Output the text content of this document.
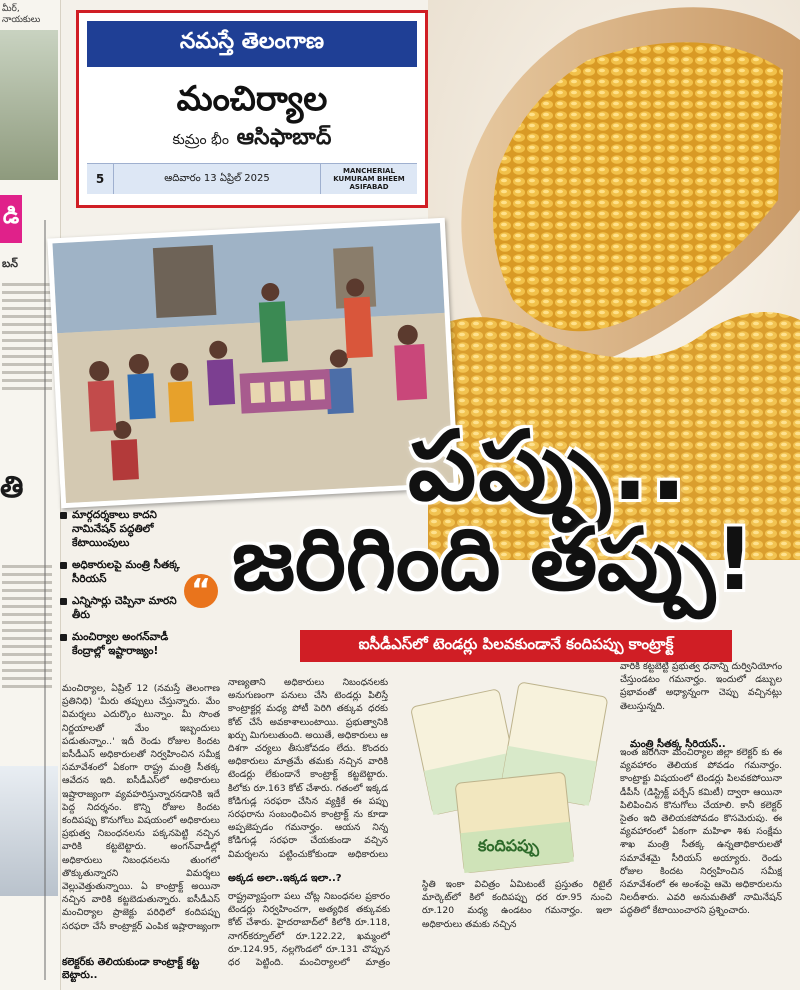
మీర్, నాయకులు
డి
బన్
తి
నమస్తే తెలంగాణ
మంచిర్యాల
కుమ్రం భీం ఆసిఫాబాద్
5	ఆదివారం 13 ఏప్రిల్ 2025
MANCHERIAL
KUMURAM BHEEM
ASIFABAD
పప్పు..
జరిగింది తప్పు!
“
ఐసీడీఎస్‌లో టెండర్లు పిలవకుండానే కందిపప్పు కాంట్రాక్ట్
మార్గదర్శకాలు కాదని నామినేషన్ పద్ధతిలో కేటాయింపులు
అధికారులపై మంత్రి సీతక్క సీరియస్
ఎన్నిసార్లు చెప్పినా మారని తీరు
మంచిర్యాల అంగన్‌వాడీ కేంద్రాల్లో ఇష్టారాజ్యం!
కందిపప్పు
మంచిర్యాల, ఏప్రిల్ 12 (నమస్తే తెలంగాణ ప్రతినిధి) 'మీరు తప్పులు చేస్తున్నారు. మేం విమర్శలు ఎదుర్కొం టున్నాం. మీ సొంత నిర్ణయాలతో మేం ఇబ్బందులు పడుతున్నాం..' ఇదీ రెండు రోజుల కిందట ఐసీడీఎస్ అధికారులతో నిర్వహించిన సమీక్ష సమావేశంలో ఏకంగా రాష్ట్ర మంత్రి సీతక్క ఆవేదన ఇది. ఐసీడీఎస్‌లో అధికారులు ఇష్టారాజ్యంగా వ్యవహరిస్తున్నారనడానికి ఇదే పెద్ద నిదర్శనం. కొన్ని రోజుల కిందట కందిపప్పు కొనుగోలు విషయంలో అధికారులు ప్రభుత్వ నిబంధనలను పక్కనపెట్టి నచ్చిన వారికి కట్టబెట్టారు. అంగన్‌వాడీల్లో అధికారులు నిబంధనలను తుంగలో తొక్కుతున్నారని విమర్శలు వెల్లువెత్తుతున్నాయి. ఏ కాంట్రాక్ట్ అయినా నచ్చిన వారికి కట్టబెడుతున్నారు. ఐసీడీఎస్ మంచిర్యాల ప్రాజెక్టు పరిధిలో కందిపప్పు సరఫరా చేసే కాంట్రాక్టర్ ఎంపిక ఇష్టారాజ్యంగా
కలెక్టర్‌కు తెలియకుండా కాంట్రాక్ట్ కట్ట బెట్టారు..
నాణ్యతాని అధికారులు నిబంధనలకు అనుగుణంగా పనులు చేసి టెండర్లు పిలిస్తే కాంట్రాక్టర్ల మధ్య పోటీ పెరిగి తక్కువ ధరకు కోట్ చేసే అవకాశాలుంటాయి. ప్రభుత్వానికి ఖర్చు మిగులుతుంది. అయితే, అధికారులు ఆ దిశగా చర్యలు తీసుకోవడం లేదు. కొందరు అధికారులు మాత్రమే తమకు నచ్చిన వారికి టెండర్లు లేకుండానే కాంట్రాక్ట్ కట్టబెట్టారు. కిలోకు రూ.163 కోట్ చేశారు. గతంలో ఇక్కడ కోడిగుడ్ల సరఫరా చేసిన వ్యక్తికే ఈ పప్పు సరఫరాను సంబంధించిన కాంట్రాక్ట్ ను కూడా అప్పజెప్పడం గమనార్హం. ఆయన నిన్న కోడిగుడ్ల సరఫరా చేయకుండా వచ్చిన విమర్శలను పట్టించుకోకుండా అధికారులు
అక్కడ అలా..ఇక్కడ ఇలా..?
రాష్ట్రవ్యాప్తంగా పలు చోట్ల నిబంధనల ప్రకారం టెండర్లు నిర్వహించగా, అత్యధిక తక్కువకు కోట్ చేశారు. హైదరాబాద్‌లో కిలోకి రూ.118, నాగర్‌కర్నూల్‌లో రూ.122.22, ఖమ్మంలో రూ.124.95, నల్లగొండలో రూ.131 చొప్పున ధర పెట్టింది. మంచిర్యాలలో మాత్రం
స్థితి ఇంకా విచిత్రం ఏమిటంటే ప్రస్తుతం రిటైల్ మార్కెట్‌లో కిలో కందిపప్పు ధర రూ.95 నుంచి రూ.120 మధ్య ఉండటం గమనార్హం. ఇలా అధికారులు తమకు నచ్చిన
వారికి కట్టబెట్టి ప్రభుత్వ ధనాన్ని దుర్వినియోగం చేస్తుండటం గమనార్హం. ఇందులో డబ్బుల ప్రభావంతో అధ్యాన్నంగా చెప్పు వచ్చినట్లు తెలుస్తున్నది.
మంత్రి సీతక్క సీరియస్..
ఇంత జరిగినా మంచిర్యాల జిల్లా కలెక్టర్ కు ఈ వ్యవహారం తెలియక పోవడం గమనార్హం. కాంట్రాక్టు విషయంలో టెండర్లు పిలవకపోయినా డీపీసీ (డిస్ట్రిక్ట్ పర్చేస్ కమిటీ) ద్వారా ఆయినా పిలిపించిన కొనుగోలు చేయాలి. కానీ కలెక్టర్ సైతం ఇది తెలియకపోవడం కొసమెరుపు. ఈ వ్యవహారంలో ఏకంగా మహిళా శిశు సంక్షేమ శాఖ మంత్రి సీతక్క ఉన్నతాధికారులతో సమావేశమై సీరియస్ అయ్యారు. రెండు రోజుల కిందట నిర్వహించిన సమీక్ష సమావేశంలో ఈ అంశంపై ఆమె అధికారులను నిలదీశారు. ఎవరి అనుమతితో నామినేషన్ పద్ధతిలో కేటాయించారని ప్రశ్నించారు.
